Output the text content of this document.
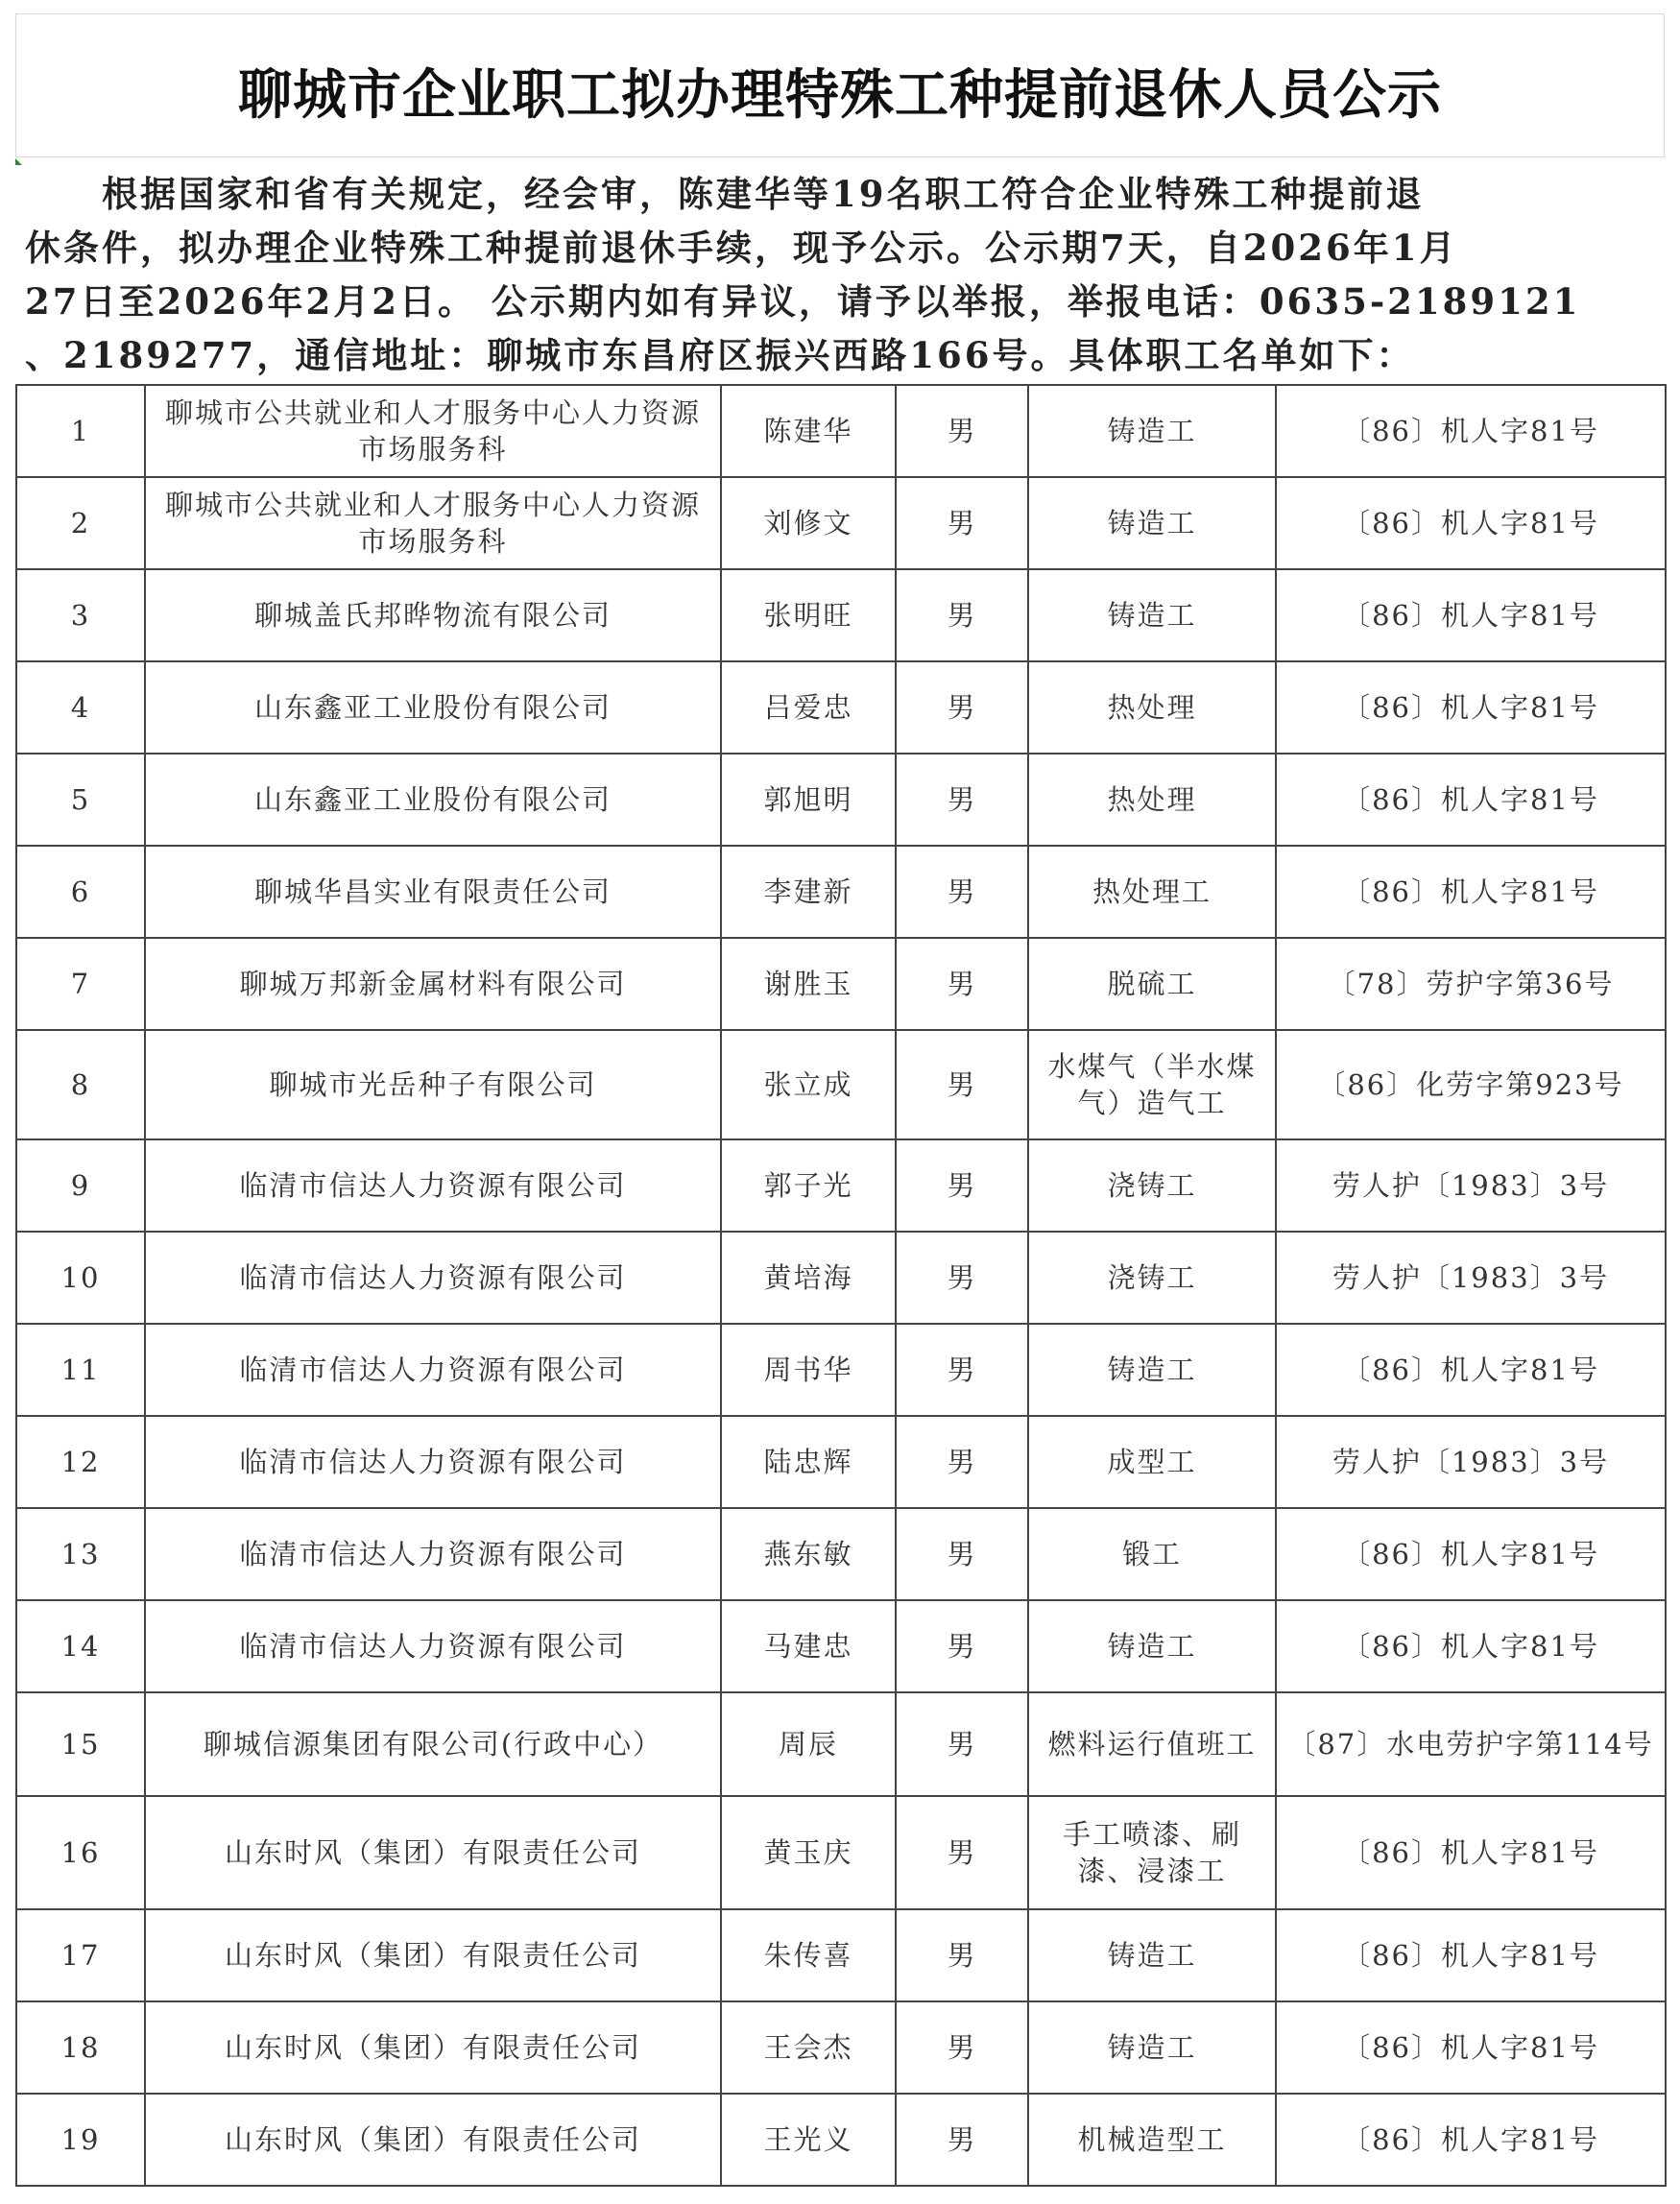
聊城市企业职工拟办理特殊工种提前退休人员公示
　　根据国家和省有关规定，经会审，陈建华等19名职工符合企业特殊工种提前退
休条件，拟办理企业特殊工种提前退休手续，现予公示。公示期7天，自2026年1月
27日至2026年2月2日。 公示期内如有异议，请予以举报，举报电话：0635-2189121
、2189277，通信地址：聊城市东昌府区振兴西路166号。具体职工名单如下：
1	聊城市公共就业和人才服务中心人力资源市场服务科	陈建华	男	铸造工	〔86〕机人字81号
2	聊城市公共就业和人才服务中心人力资源市场服务科	刘修文	男	铸造工	〔86〕机人字81号
3	聊城盖氏邦晔物流有限公司	张明旺	男	铸造工	〔86〕机人字81号
4	山东鑫亚工业股份有限公司	吕爱忠	男	热处理	〔86〕机人字81号
5	山东鑫亚工业股份有限公司	郭旭明	男	热处理	〔86〕机人字81号
6	聊城华昌实业有限责任公司	李建新	男	热处理工	〔86〕机人字81号
7	聊城万邦新金属材料有限公司	谢胜玉	男	脱硫工	〔78〕劳护字第36号
8	聊城市光岳种子有限公司	张立成	男	水煤气（半水煤气）造气工	〔86〕化劳字第923号
9	临清市信达人力资源有限公司	郭子光	男	浇铸工	劳人护〔1983〕3号
10	临清市信达人力资源有限公司	黄培海	男	浇铸工	劳人护〔1983〕3号
11	临清市信达人力资源有限公司	周书华	男	铸造工	〔86〕机人字81号
12	临清市信达人力资源有限公司	陆忠辉	男	成型工	劳人护〔1983〕3号
13	临清市信达人力资源有限公司	燕东敏	男	锻工	〔86〕机人字81号
14	临清市信达人力资源有限公司	马建忠	男	铸造工	〔86〕机人字81号
15	聊城信源集团有限公司(行政中心）	周辰	男	燃料运行值班工	〔87〕水电劳护字第114号
16	山东时风（集团）有限责任公司	黄玉庆	男	手工喷漆、刷漆、浸漆工	〔86〕机人字81号
17	山东时风（集团）有限责任公司	朱传喜	男	铸造工	〔86〕机人字81号
18	山东时风（集团）有限责任公司	王会杰	男	铸造工	〔86〕机人字81号
19	山东时风（集团）有限责任公司	王光义	男	机械造型工	〔86〕机人字81号
